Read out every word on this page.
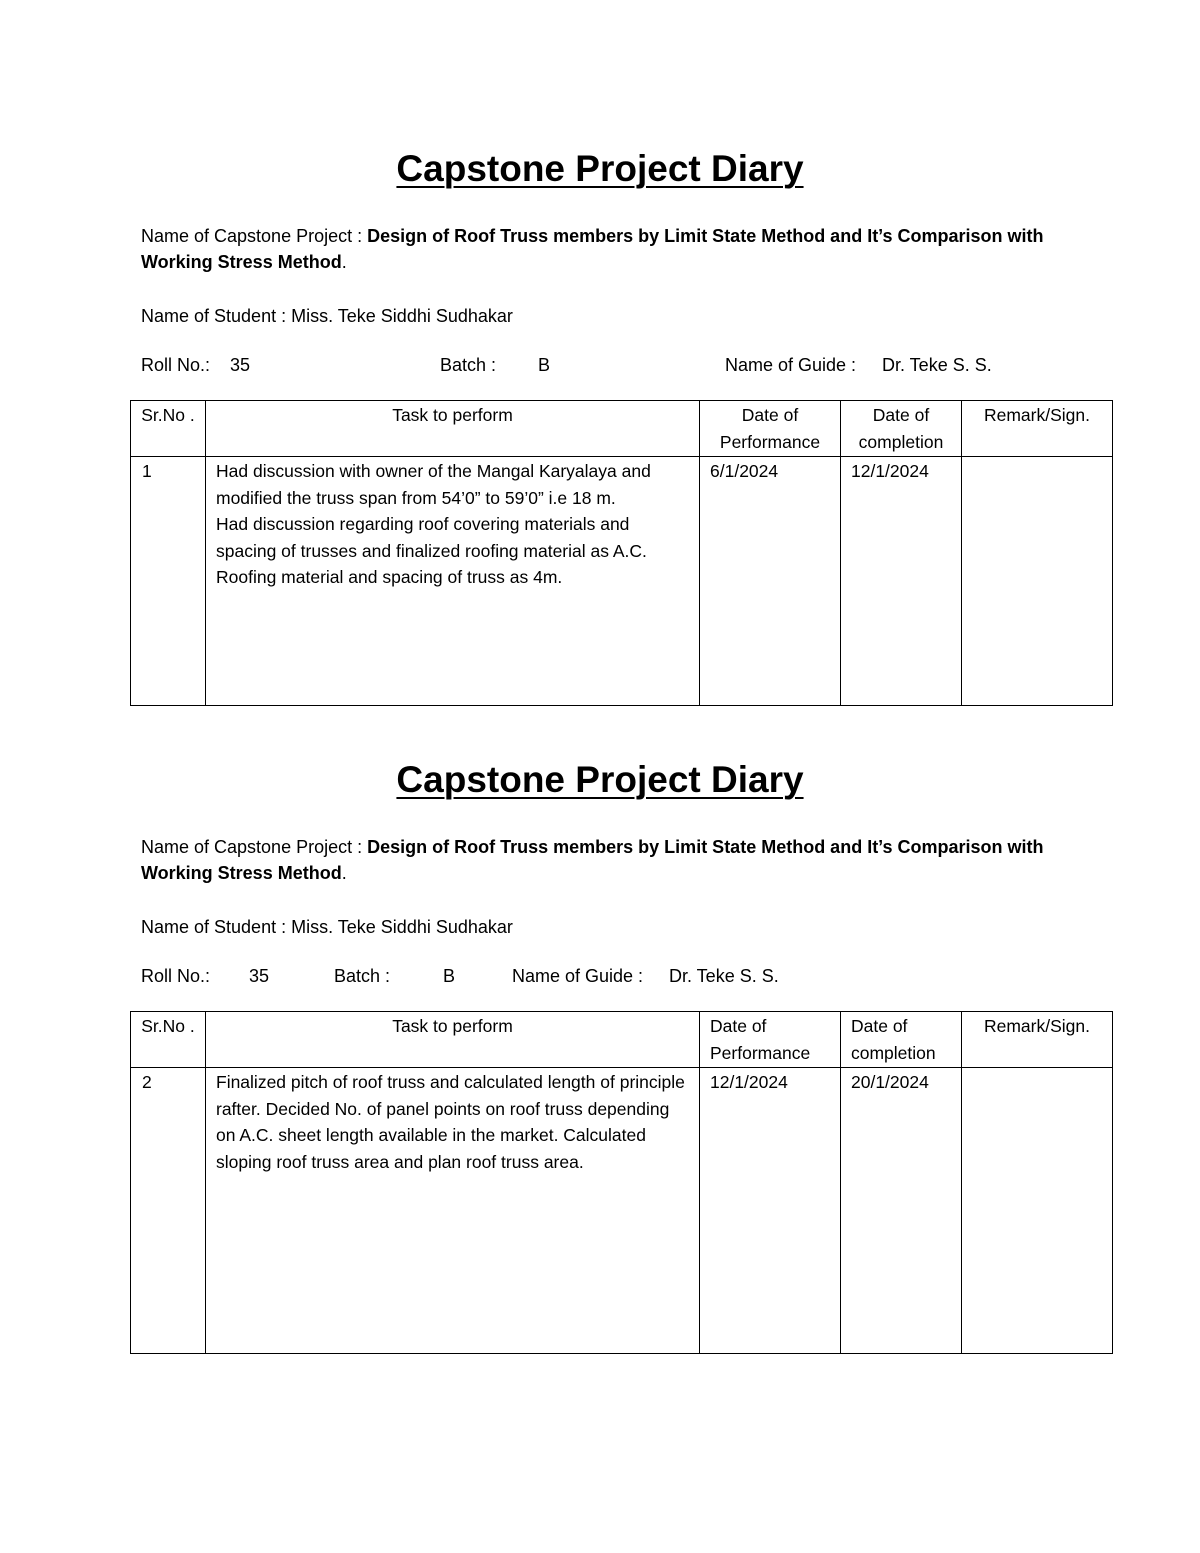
Capstone Project Diary
Name of Capstone Project : Design of Roof Truss members by Limit State Method and It’s Comparison with Working Stress Method.
Name of Student : Miss. Teke Siddhi Sudhakar
Roll No.: 35	Batch : B	Name of Guide : Dr. Teke S. S.
Sr.No .	Task to perform	Date of Performance	Date of completion	Remark/Sign.
1	Had discussion with owner of the Mangal Karyalaya and modified the truss span from 54’0” to 59’0” i.e 18 m.
Had discussion regarding roof covering materials and spacing of trusses and finalized roofing material as A.C. Roofing material and spacing of truss as 4m.	6/1/2024	12/1/2024	
Capstone Project Diary
Name of Capstone Project : Design of Roof Truss members by Limit State Method and It’s Comparison with Working Stress Method.
Name of Student : Miss. Teke Siddhi Sudhakar
Roll No.: 35	Batch :	B	Name of Guide : Dr. Teke S. S.
Sr.No .	Task to perform	Date of Performance	Date of completion	Remark/Sign.
2	Finalized pitch of roof truss and calculated length of principle rafter. Decided No. of panel points on roof truss depending on A.C. sheet length available in the market. Calculated sloping roof truss area and plan roof truss area.	12/1/2024	20/1/2024	
